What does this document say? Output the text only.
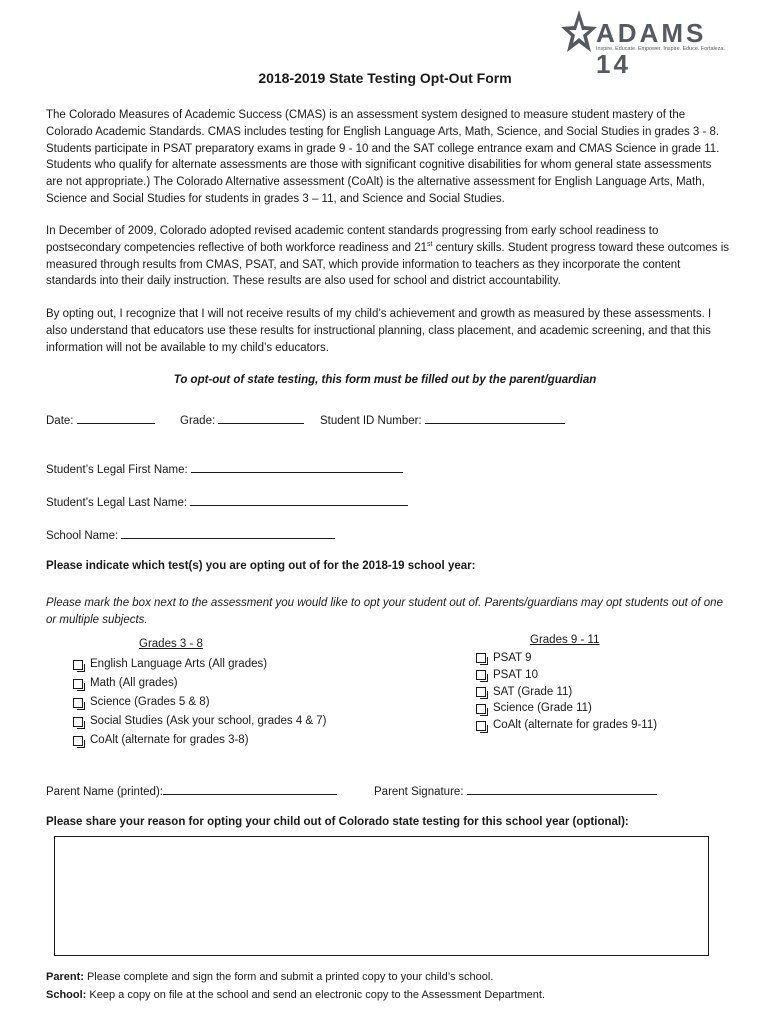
ADAMS 14
Inspire. Educate. Empower. Inspire. Educe. Fortaleza.
2018-2019 State Testing Opt-Out Form

The Colorado Measures of Academic Success (CMAS) is an assessment system designed to measure student mastery of the Colorado Academic Standards. CMAS includes testing for English Language Arts, Math, Science, and Social Studies in grades 3 - 8. Students participate in PSAT preparatory exams in grade 9 - 10 and the SAT college entrance exam and CMAS Science in grade 11. Students who qualify for alternate assessments are those with significant cognitive disabilities for whom general state assessments are not appropriate.) The Colorado Alternative assessment (CoAlt) is the alternative assessment for English Language Arts, Math, Science and Social Studies for students in grades 3 – 11, and Science and Social Studies.

In December of 2009, Colorado adopted revised academic content standards progressing from early school readiness to postsecondary competencies reflective of both workforce readiness and 21st century skills. Student progress toward these outcomes is measured through results from CMAS, PSAT, and SAT, which provide information to teachers as they incorporate the content standards into their daily instruction. These results are also used for school and district accountability.

By opting out, I recognize that I will not receive results of my child’s achievement and growth as measured by these assessments. I also understand that educators use these results for instructional planning, class placement, and academic screening, and that this information will not be available to my child’s educators.

To opt-out of state testing, this form must be filled out by the parent/guardian
Date:	Grade:	Student ID Number:
Student’s Legal First Name:
Student’s Legal Last Name:
School Name:
Please indicate which test(s) you are opting out of for the 2018-19 school year:
Please mark the box next to the assessment you would like to opt your student out of. Parents/guardians may opt students out of one or multiple subjects.
Grades 3 - 8
English Language Arts (All grades)
Math (All grades)
Science (Grades 5 & 8)
Social Studies (Ask your school, grades 4 & 7)
CoAlt (alternate for grades 3-8)
Grades 9 - 11
PSAT 9
PSAT 10
SAT (Grade 11)
Science (Grade 11)
CoAlt (alternate for grades 9-11)
Parent Name (printed):	Parent Signature:
Please share your reason for opting your child out of Colorado state testing for this school year (optional):
Parent: Please complete and sign the form and submit a printed copy to your child’s school.
School: Keep a copy on file at the school and send an electronic copy to the Assessment Department.
